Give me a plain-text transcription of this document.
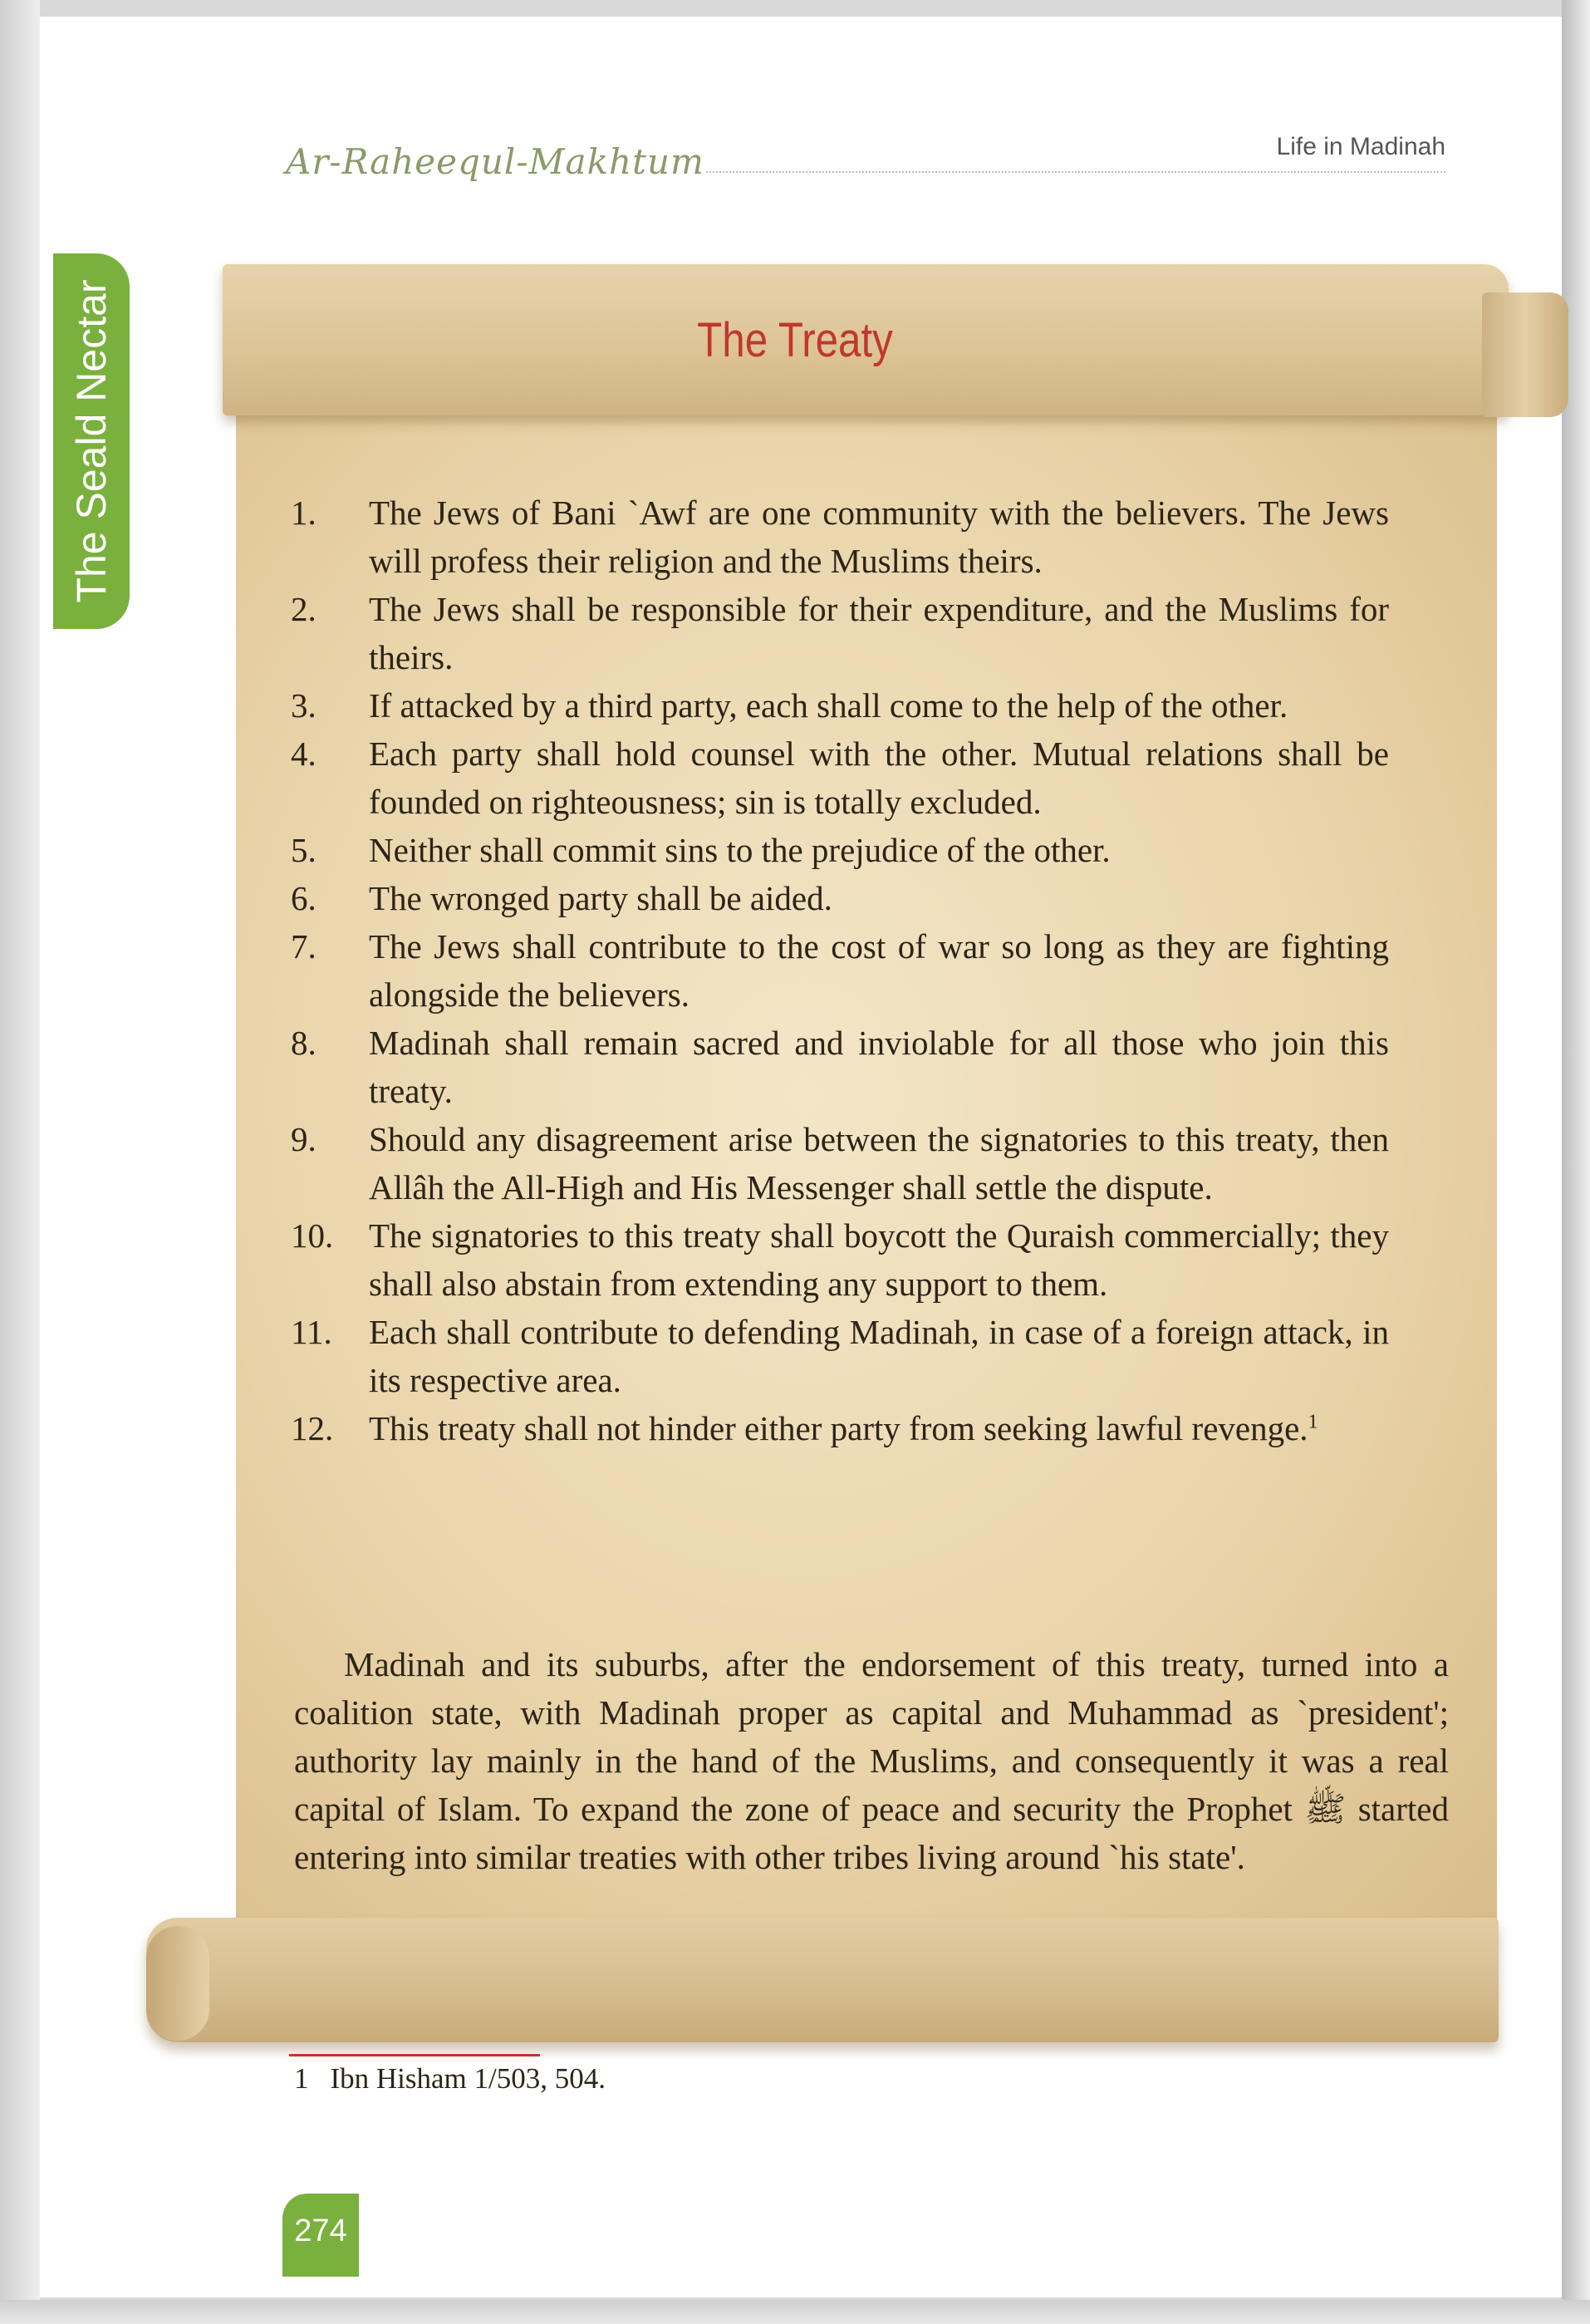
Ar-Raheequl-Makhtum	Life in Madinah
The Seald Nectar	The Treaty
1. The Jews of Bani `Awf are one community with the believers. The Jews will profess their religion and the Muslims theirs.
2. The Jews shall be responsible for their expenditure, and the Muslims for theirs.
3. If attacked by a third party, each shall come to the help of the other.
4. Each party shall hold counsel with the other. Mutual relations shall be founded on righteousness; sin is totally excluded.
5. Neither shall commit sins to the prejudice of the other.
6. The wronged party shall be aided.
7. The Jews shall contribute to the cost of war so long as they are fighting alongside the believers.
8. Madinah shall remain sacred and inviolable for all those who join this treaty.
9. Should any disagreement arise between the signatories to this treaty, then Allâh the All-High and His Messenger shall settle the dispute.
10. The signatories to this treaty shall boycott the Quraish commercially; they shall also abstain from extending any support to them.
11. Each shall contribute to defending Madinah, in case of a foreign attack, in its respective area.
12. This treaty shall not hinder either party from seeking lawful revenge.$^1$

Madinah and its suburbs, after the endorsement of this treaty, turned into a coalition state, with Madinah proper as capital and Muhammad as `president'; authority lay mainly in the hand of the Muslims, and consequently it was a real capital of Islam. To expand the zone of peace and security the Prophet ﷺ started entering into similar treaties with other tribes living around `his state'.

1 Ibn Hisham 1/503, 504.
274
